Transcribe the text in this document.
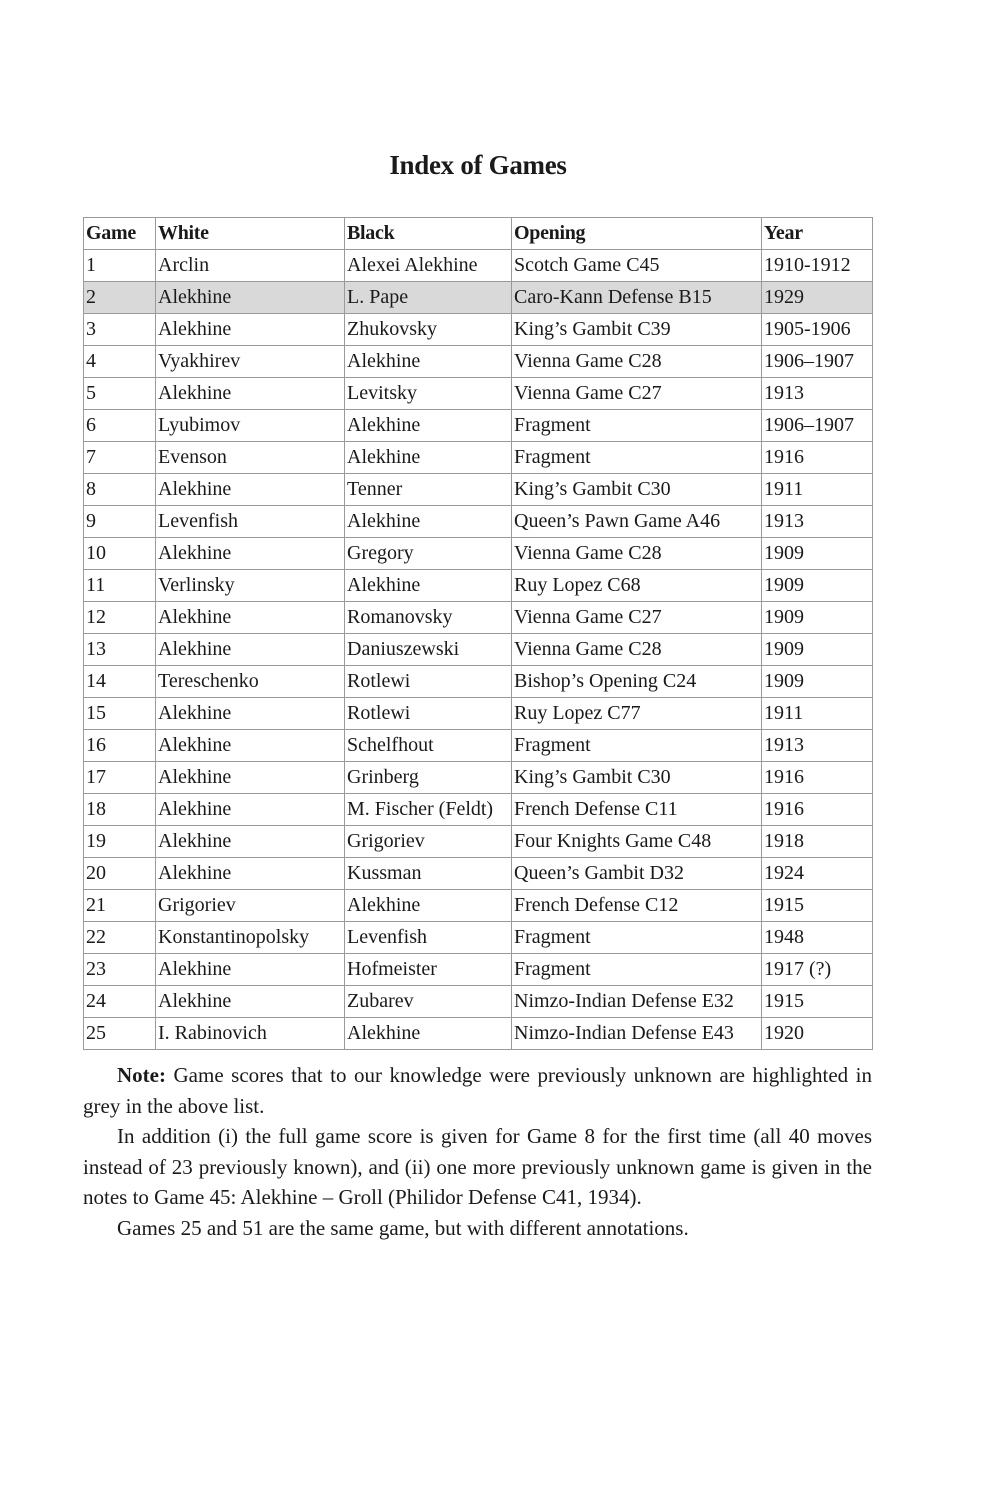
Index of Games
Game	White	Black	Opening	Year
1	Arclin	Alexei Alekhine	Scotch Game C45	1910-1912
2	Alekhine	L. Pape	Caro-Kann Defense B15	1929
3	Alekhine	Zhukovsky	King’s Gambit C39	1905-1906
4	Vyakhirev	Alekhine	Vienna Game C28	1906–1907
5	Alekhine	Levitsky	Vienna Game C27	1913
6	Lyubimov	Alekhine	Fragment	1906–1907
7	Evenson	Alekhine	Fragment	1916
8	Alekhine	Tenner	King’s Gambit C30	1911
9	Levenfish	Alekhine	Queen’s Pawn Game A46	1913
10	Alekhine	Gregory	Vienna Game C28	1909
11	Verlinsky	Alekhine	Ruy Lopez C68	1909
12	Alekhine	Romanovsky	Vienna Game C27	1909
13	Alekhine	Daniuszewski	Vienna Game C28	1909
14	Tereschenko	Rotlewi	Bishop’s Opening C24	1909
15	Alekhine	Rotlewi	Ruy Lopez C77	1911
16	Alekhine	Schelfhout	Fragment	1913
17	Alekhine	Grinberg	King’s Gambit C30	1916
18	Alekhine	M. Fischer (Feldt)	French Defense C11	1916
19	Alekhine	Grigoriev	Four Knights Game C48	1918
20	Alekhine	Kussman	Queen’s Gambit D32	1924
21	Grigoriev	Alekhine	French Defense C12	1915
22	Konstantinopolsky	Levenfish	Fragment	1948
23	Alekhine	Hofmeister	Fragment	1917 (?)
24	Alekhine	Zubarev	Nimzo-Indian Defense E32	1915
25	I. Rabinovich	Alekhine	Nimzo-Indian Defense E43	1920

Note: Game scores that to our knowledge were previously unknown are highlighted in grey in the above list.

In addition (i) the full game score is given for Game 8 for the first time (all 40 moves instead of 23 previously known), and (ii) one more previously unknown game is given in the notes to Game 45: Alekhine – Groll (Philidor Defense C41, 1934).

Games 25 and 51 are the same game, but with different annotations.
